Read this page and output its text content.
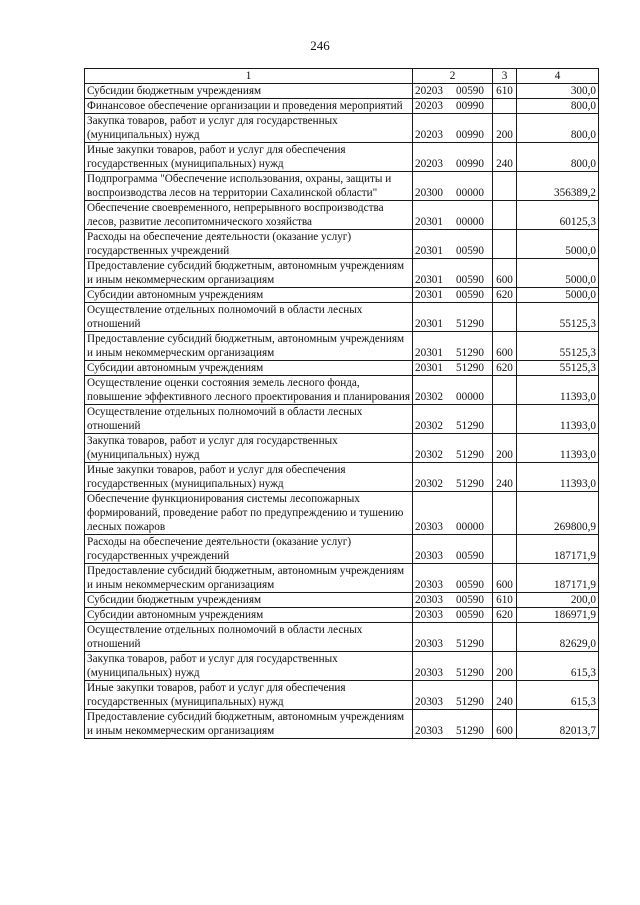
246
1	2	3	4
Субсидии бюджетным учреждениям	20203 00590	610	300,0
Финансовое обеспечение организации и проведения мероприятий	20203 00990		800,0
Закупка товаров, работ и услуг для государственных (муниципальных) нужд	20203 00990	200	800,0
Иные закупки товаров, работ и услуг для обеспечения государственных (муниципальных) нужд	20203 00990	240	800,0
Подпрограмма "Обеспечение использования, охраны, защиты и воспроизводства лесов на территории Сахалинской области"	20300 00000		356389,2
Обеспечение своевременного, непрерывного воспроизводства лесов, развитие лесопитомнического хозяйства	20301 00000		60125,3
Расходы на обеспечение деятельности (оказание услуг) государственных учреждений	20301 00590		5000,0
Предоставление субсидий бюджетным, автономным учреждениям и иным некоммерческим организациям	20301 00590	600	5000,0
Субсидии автономным учреждениям	20301 00590	620	5000,0
Осуществление отдельных полномочий в области лесных отношений	20301 51290		55125,3
Предоставление субсидий бюджетным, автономным учреждениям и иным некоммерческим организациям	20301 51290	600	55125,3
Субсидии автономным учреждениям	20301 51290	620	55125,3
Осуществление оценки состояния земель лесного фонда, повышение эффективного лесного проектирования и планирования	20302 00000		11393,0
Осуществление отдельных полномочий в области лесных отношений	20302 51290		11393,0
Закупка товаров, работ и услуг для государственных (муниципальных) нужд	20302 51290	200	11393,0
Иные закупки товаров, работ и услуг для обеспечения государственных (муниципальных) нужд	20302 51290	240	11393,0
Обеспечение функционирования системы лесопожарных формирований, проведение работ по предупреждению и тушению лесных пожаров	20303 00000		269800,9
Расходы на обеспечение деятельности (оказание услуг) государственных учреждений	20303 00590		187171,9
Предоставление субсидий бюджетным, автономным учреждениям и иным некоммерческим организациям	20303 00590	600	187171,9
Субсидии бюджетным учреждениям	20303 00590	610	200,0
Субсидии автономным учреждениям	20303 00590	620	186971,9
Осуществление отдельных полномочий в области лесных отношений	20303 51290		82629,0
Закупка товаров, работ и услуг для государственных (муниципальных) нужд	20303 51290	200	615,3
Иные закупки товаров, работ и услуг для обеспечения государственных (муниципальных) нужд	20303 51290	240	615,3
Предоставление субсидий бюджетным, автономным учреждениям и иным некоммерческим организациям	20303 51290	600	82013,7
